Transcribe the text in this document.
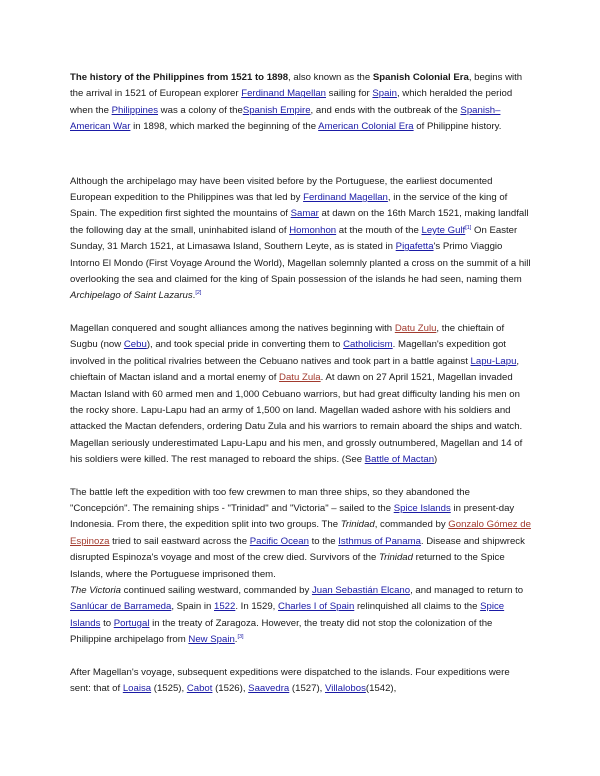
The history of the Philippines from 1521 to 1898, also known as the Spanish Colonial Era, begins with the arrival in 1521 of European explorer Ferdinand Magellan sailing for Spain, which heralded the period when the Philippines was a colony of theSpanish Empire, and ends with the outbreak of the Spanish–American War in 1898, which marked the beginning of the American Colonial Era of Philippine history.

Although the archipelago may have been visited before by the Portuguese, the earliest documented European expedition to the Philippines was that led by Ferdinand Magellan, in the service of the king of Spain. The expedition first sighted the mountains of Samar at dawn on the 16th March 1521, making landfall the following day at the small, uninhabited island of Homonhon at the mouth of the Leyte Gulf[1] On Easter Sunday, 31 March 1521, at Limasawa Island, Southern Leyte, as is stated in Pigafetta's Primo Viaggio Intorno El Mondo (First Voyage Around the World), Magellan solemnly planted a cross on the summit of a hill overlooking the sea and claimed for the king of Spain possession of the islands he had seen, naming them Archipelago of Saint Lazarus.[2]

Magellan conquered and sought alliances among the natives beginning with Datu Zulu, the chieftain of Sugbu (now Cebu), and took special pride in converting them to Catholicism. Magellan's expedition got involved in the political rivalries between the Cebuano natives and took part in a battle against Lapu-Lapu, chieftain of Mactan island and a mortal enemy of Datu Zula. At dawn on 27 April 1521, Magellan invaded Mactan Island with 60 armed men and 1,000 Cebuano warriors, but had great difficulty landing his men on the rocky shore. Lapu-Lapu had an army of 1,500 on land. Magellan waded ashore with his soldiers and attacked the Mactan defenders, ordering Datu Zula and his warriors to remain aboard the ships and watch. Magellan seriously underestimated Lapu-Lapu and his men, and grossly outnumbered, Magellan and 14 of his soldiers were killed. The rest managed to reboard the ships. (See Battle of Mactan)

The battle left the expedition with too few crewmen to man three ships, so they abandoned the "Concepción". The remaining ships - "Trinidad" and "Victoria" – sailed to the Spice Islands in present-day Indonesia. From there, the expedition split into two groups. The Trinidad, commanded by Gonzalo Gómez de Espinoza tried to sail eastward across the Pacific Ocean to the Isthmus of Panama. Disease and shipwreck disrupted Espinoza's voyage and most of the crew died. Survivors of the Trinidad returned to the Spice Islands, where the Portuguese imprisoned them.
The Victoria continued sailing westward, commanded by Juan Sebastián Elcano, and managed to return to Sanlúcar de Barrameda, Spain in 1522. In 1529, Charles I of Spain relinquished all claims to the Spice Islands to Portugal in the treaty of Zaragoza. However, the treaty did not stop the colonization of the Philippine archipelago from New Spain.[3]

After Magellan's voyage, subsequent expeditions were dispatched to the islands. Four expeditions were sent: that of Loaisa (1525), Cabot (1526), Saavedra (1527), Villalobos(1542),
